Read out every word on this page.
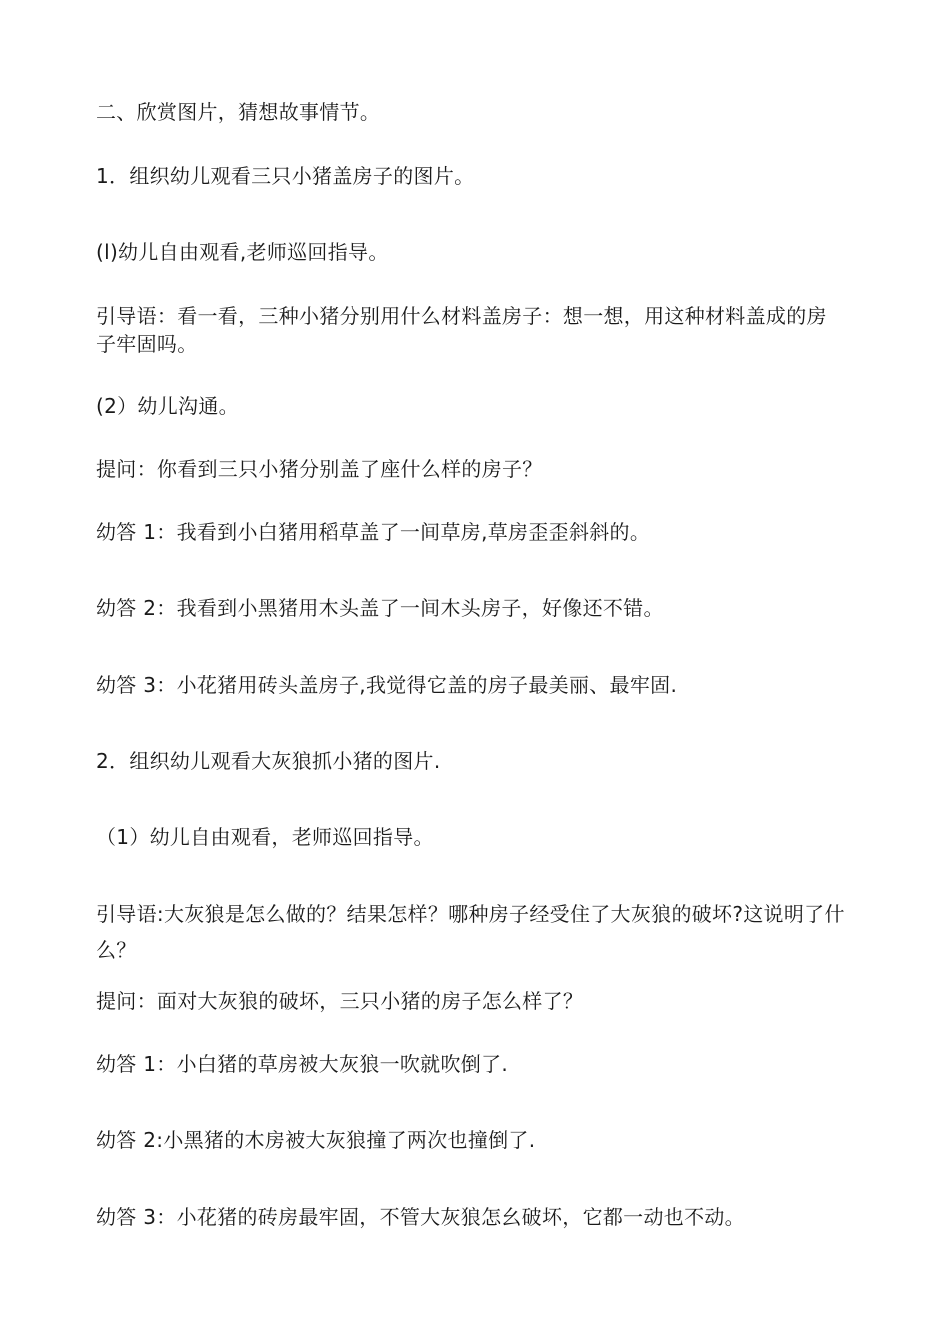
二、欣赏图片，猜想故事情节。
1．组织幼儿观看三只小猪盖房子的图片。
(l)幼儿自由观看,老师巡回指导。
引导语：看一看，三种小猪分别用什么材料盖房子：想一想，用这种材料盖成的房子牢固吗。
(2）幼儿沟通。
提问：你看到三只小猪分别盖了座什么样的房子？
幼答 1：我看到小白猪用稻草盖了一间草房,草房歪歪斜斜的。
幼答 2：我看到小黑猪用木头盖了一间木头房子，好像还不错。
幼答 3：小花猪用砖头盖房子,我觉得它盖的房子最美丽、最牢固.
2．组织幼儿观看大灰狼抓小猪的图片.
（1）幼儿自由观看，老师巡回指导。
引导语:大灰狼是怎么做的？结果怎样？哪种房子经受住了大灰狼的破坏?这说明了什么？
提问：面对大灰狼的破坏，三只小猪的房子怎么样了？
幼答 1：小白猪的草房被大灰狼一吹就吹倒了.
幼答 2:小黑猪的木房被大灰狼撞了两次也撞倒了.
幼答 3：小花猪的砖房最牢固，不管大灰狼怎幺破坏，它都一动也不动。
